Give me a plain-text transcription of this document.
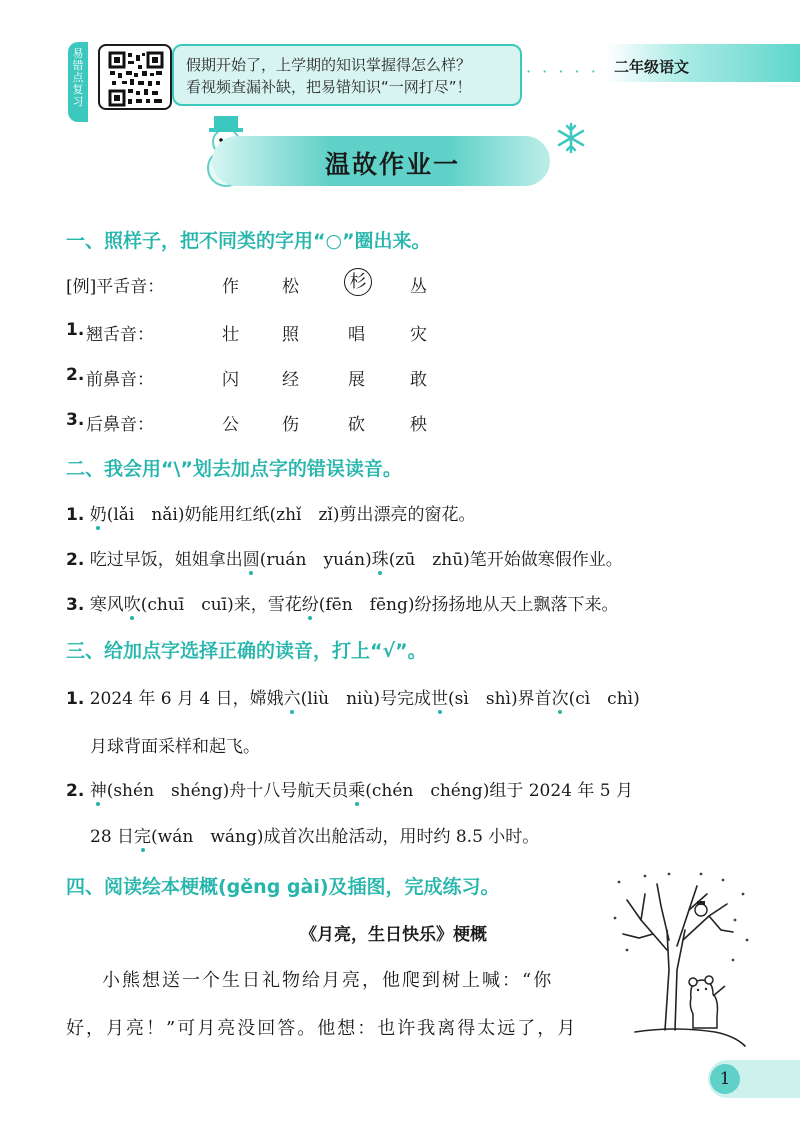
易错点复习
假期开始了，上学期的知识掌握得怎么样？
看视频查漏补缺，把易错知识“一网打尽”！
· · · · · 二年级语文
温故作业一
一、照样子，把不同类的字用“○”圈出来。
[例]平舌音：	作	松	杉	丛
1. 翘舌音：	壮	照	唱	灾
2. 前鼻音：	闪	经	展	敢
3. 后鼻音：	公	伤	砍	秧
二、我会用“\”划去加点字的错误读音。
1. 奶(lǎi　nǎi)奶能用红纸(zhǐ　zǐ)剪出漂亮的窗花。
2. 吃过早饭，姐姐拿出圆(ruán　yuán)珠(zū　zhū)笔开始做寒假作业。
3. 寒风吹(chuī　cuī)来，雪花纷(fēn　fēng)纷扬扬地从天上飘落下来。
三、给加点字选择正确的读音，打上“√”。
1. 2024 年 6 月 4 日，嫦娥六(liù　niù)号完成世(sì　shì)界首次(cì　chì)
月球背面采样和起飞。
2. 神(shén　shéng)舟十八号航天员乘(chén　chéng)组于 2024 年 5 月
28 日完(wán　wáng)成首次出舱活动，用时约 8.5 小时。
四、阅读绘本梗概(gěng gài)及插图，完成练习。
《月亮，生日快乐》梗概
小熊想送一个生日礼物给月亮，他爬到树上喊：“你
好，月亮！”可月亮没回答。他想：也许我离得太远了，月
1
